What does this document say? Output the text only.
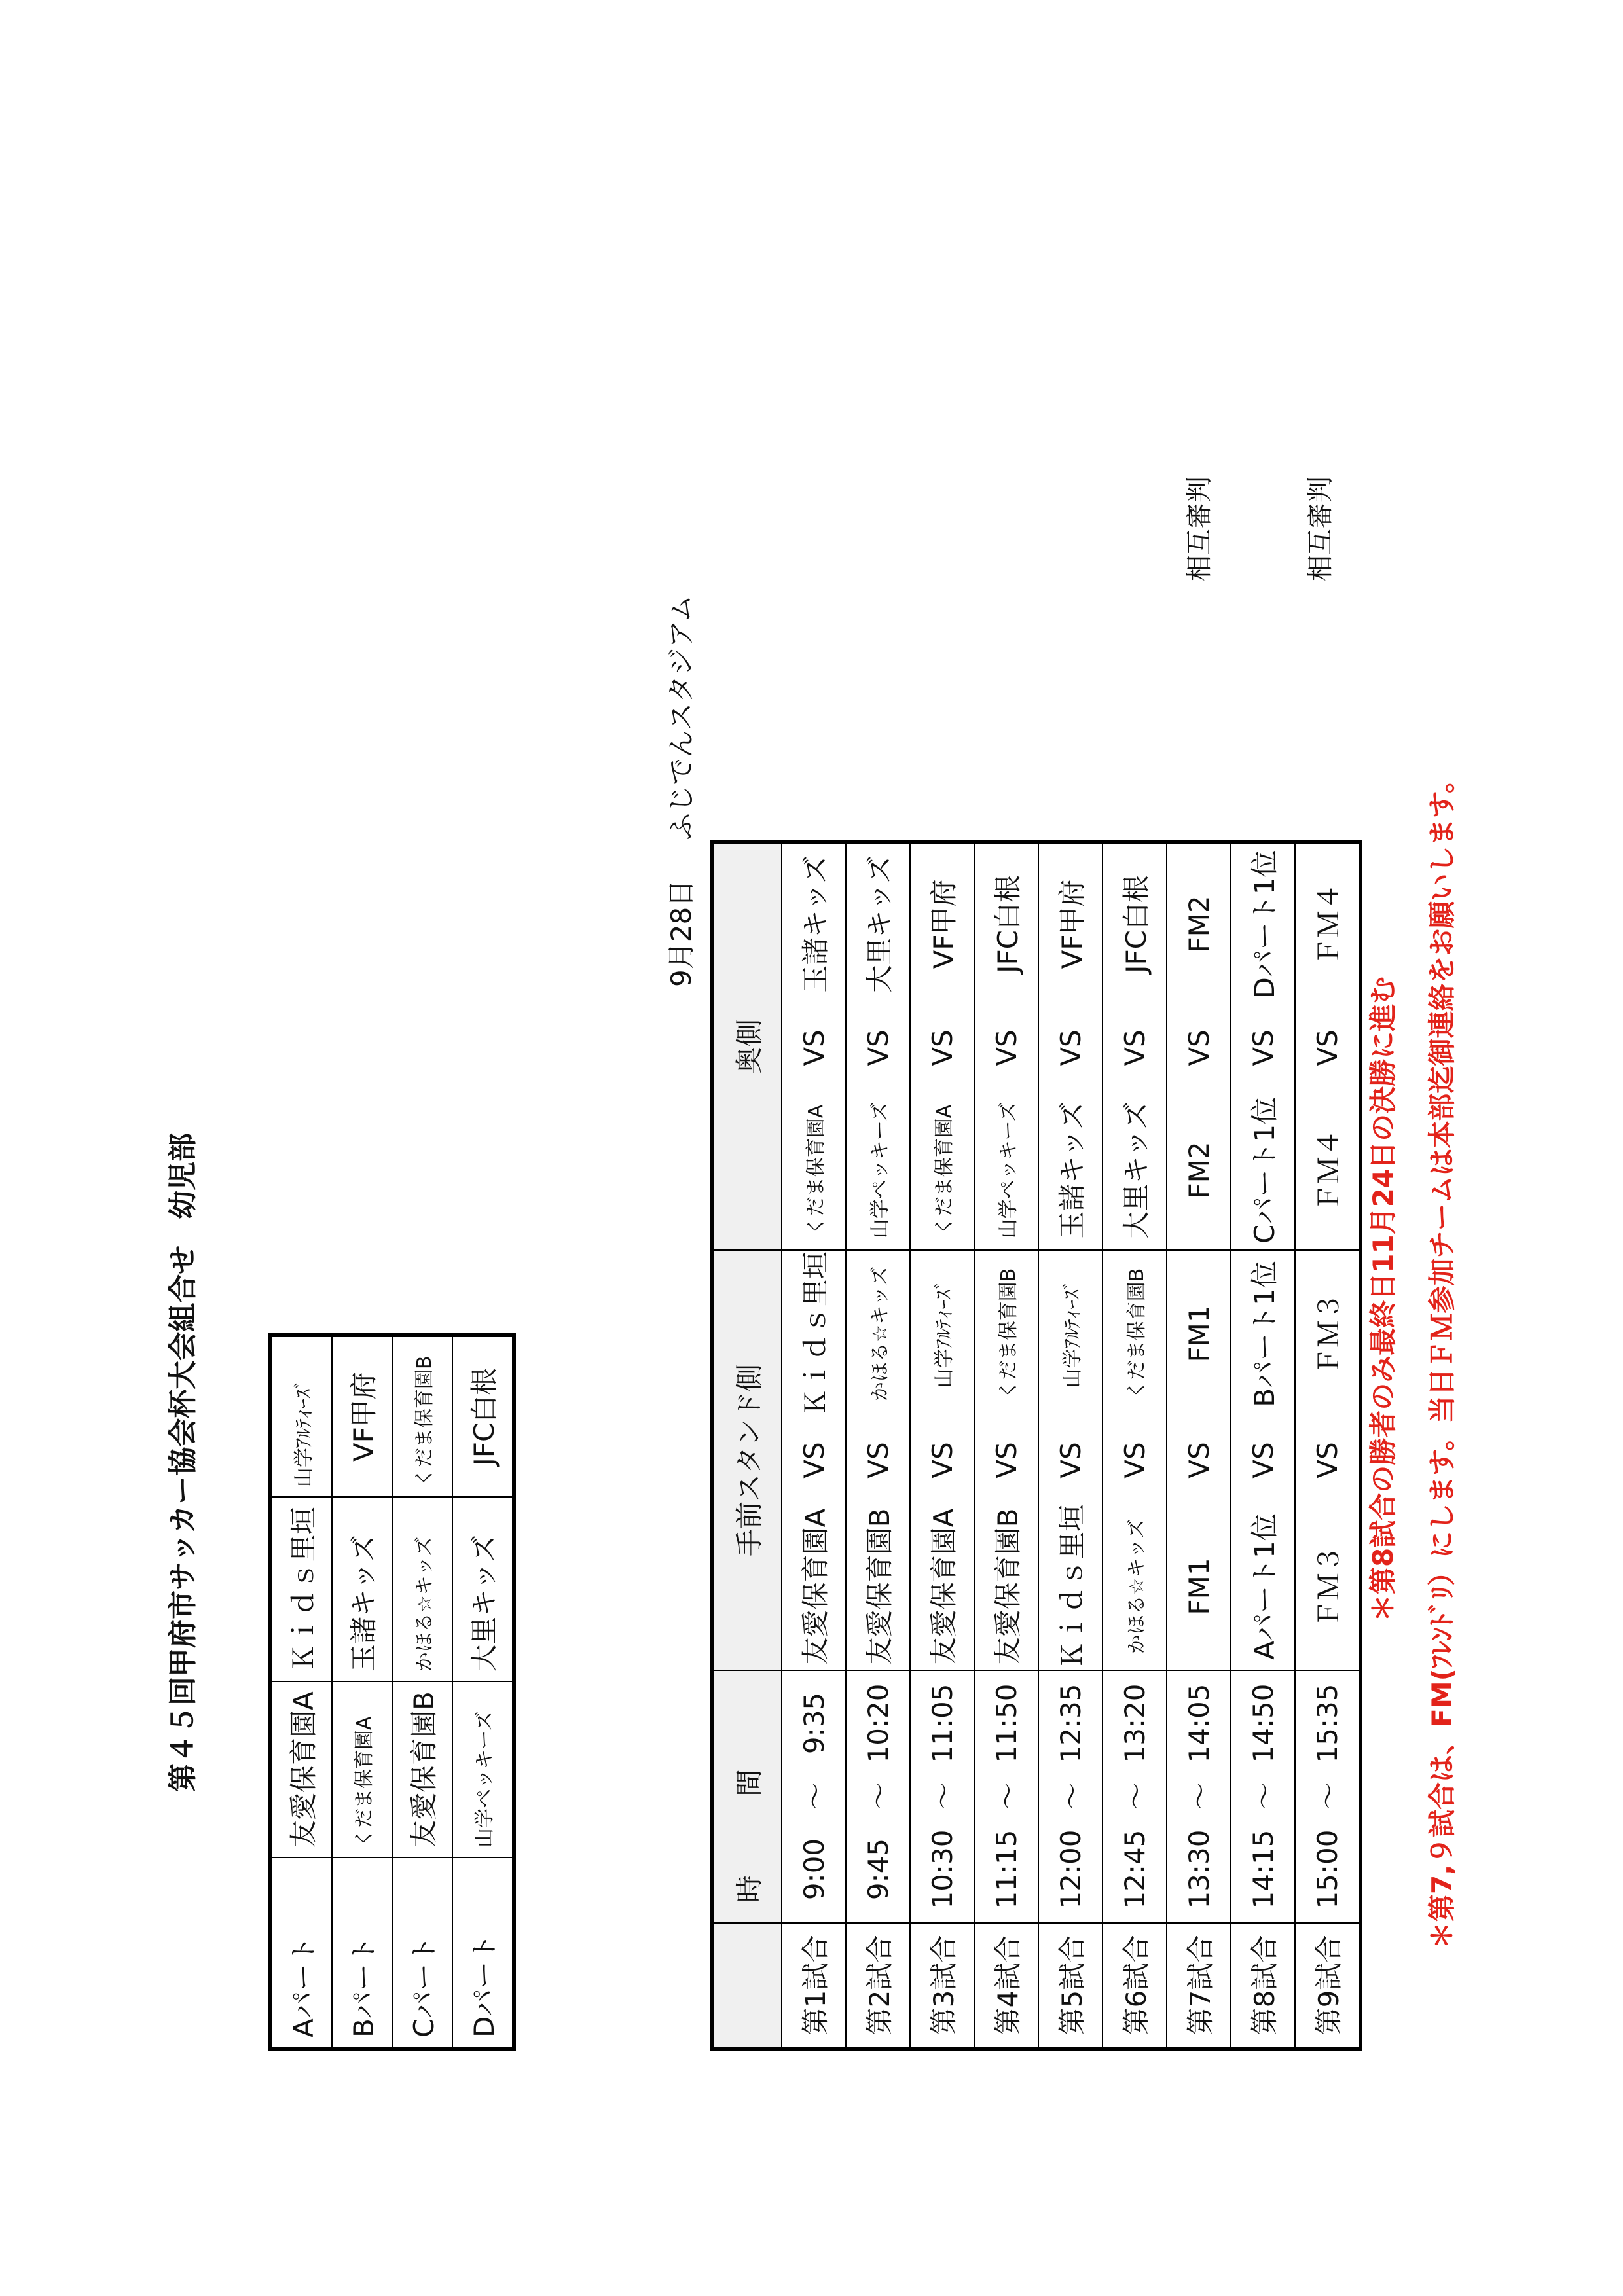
第４５回甲府市サッカー協会杯大会組合せ幼児部
Aパート	友愛保育園A	Ｋｉｄｓ里垣	山学ｱﾙﾃｨｰｽﾞ
Bパート	くだま保育園A	玉諸キッズ	VF甲府
Cパート	友愛保育園B	かほる☆キッズ	くだま保育園B
Dパート	山学ペッキーズ	大里キッズ	JFC白根
9月28日ふじでんスタジアム
	時間			手前スタンド側			奥側		
第1試合	9:00	～	9:35	友愛保育園A	VS	Ｋｉｄｓ里垣	くだま保育園A	VS	玉諸キッズ
第2試合	9:45	～	10:20	友愛保育園B	VS	かほる☆キッズ	山学ペッキーズ	VS	大里キッズ
第3試合	10:30	～	11:05	友愛保育園A	VS	山学ｱﾙﾃｨｰｽﾞ	くだま保育園A	VS	VF甲府
第4試合	11:15	～	11:50	友愛保育園B	VS	くだま保育園B	山学ペッキーズ	VS	JFC白根
第5試合	12:00	～	12:35	Ｋｉｄｓ里垣	VS	山学ｱﾙﾃｨｰｽﾞ	玉諸キッズ	VS	VF甲府
第6試合	12:45	～	13:20	かほる☆キッズ	VS	くだま保育園B	大里キッズ	VS	JFC白根
第7試合	13:30	～	14:05	FM1	VS	FM1	FM2	VS	FM2
第8試合	14:15	～	14:50	Aパート1位	VS	Bパート1位	Cパート1位	VS	Dパート1位
第9試合	15:00	～	15:35	ＦＭ３	VS	ＦＭ３	ＦＭ４	VS	ＦＭ４
相互審判	相互審判
＊第8試合の勝者のみ最終日11月24日の決勝に進む ＊第7,９試合は、FM(ﾌﾚﾝﾄﾞﾘ）にします。当日ＦＭ参加チームは本部迄御連絡をお願いします。
